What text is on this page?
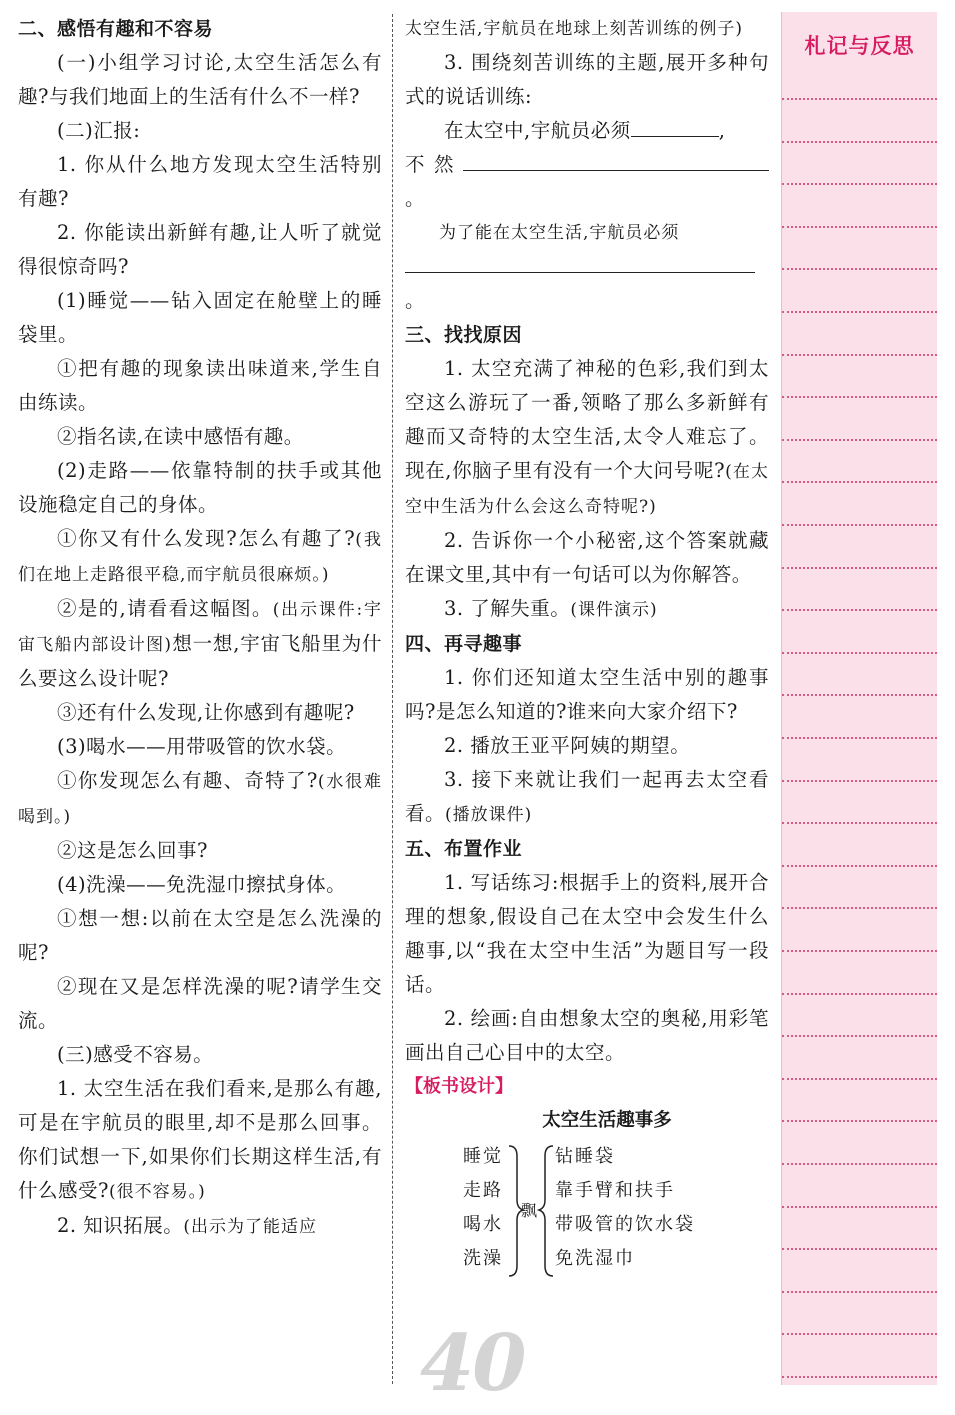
二、感悟有趣和不容易

(一)小组学习讨论,太空生活怎么有趣?与我们地面上的生活有什么不一样?

(二)汇报:

1. 你从什么地方发现太空生活特别有趣?

2. 你能读出新鲜有趣,让人听了就觉得很惊奇吗?

(1)睡觉——钻入固定在舱壁上的睡袋里。

①把有趣的现象读出味道来,学生自由练读。

②指名读,在读中感悟有趣。

(2)走路——依靠特制的扶手或其他设施稳定自己的身体。

①你又有什么发现?怎么有趣了?(我们在地上走路很平稳,而宇航员很麻烦。)

②是的,请看看这幅图。(出示课件:宇宙飞船内部设计图)想一想,宇宙飞船里为什么要这么设计呢?

③还有什么发现,让你感到有趣呢?

(3)喝水——用带吸管的饮水袋。

①你发现怎么有趣、奇特了?(水很难喝到。)

②这是怎么回事?

(4)洗澡——免洗湿巾擦拭身体。

①想一想:以前在太空是怎么洗澡的呢?

②现在又是怎样洗澡的呢?请学生交流。

(三)感受不容易。

1. 太空生活在我们看来,是那么有趣,可是在宇航员的眼里,却不是那么回事。你们试想一下,如果你们长期这样生活,有什么感受?(很不容易。)

2. 知识拓展。(出示为了能适应

太空生活,宇航员在地球上刻苦训练的例子)

3. 围绕刻苦训练的主题,展开多种句式的说话训练:

在太空中,宇航员必须	,

不然。

为了能在太空生活,宇航员必须

。

三、找找原因

1. 太空充满了神秘的色彩,我们到太空这么游玩了一番,领略了那么多新鲜有趣而又奇特的太空生活,太令人难忘了。现在,你脑子里有没有一个大问号呢?(在太空中生活为什么会这么奇特呢?)

2. 告诉你一个小秘密,这个答案就藏在课文里,其中有一句话可以为你解答。

3. 了解失重。(课件演示)

四、再寻趣事

1. 你们还知道太空生活中别的趣事吗?是怎么知道的?谁来向大家介绍下?

2. 播放王亚平阿姨的期望。

3. 接下来就让我们一起再去太空看看。(播放课件)

五、布置作业

1. 写话练习:根据手上的资料,展开合理的想象,假设自己在太空中会发生什么趣事,以“我在太空中生活”为题目写一段话。

2. 绘画:自由想象太空的奥秘,用彩笔画出自己心目中的太空。

【板书设计】

太空生活趣事多

睡觉
走路
喝水
洗澡
飘
钻睡袋
靠手臂和扶手
带吸管的饮水袋
免洗湿巾
40
札记与反思
